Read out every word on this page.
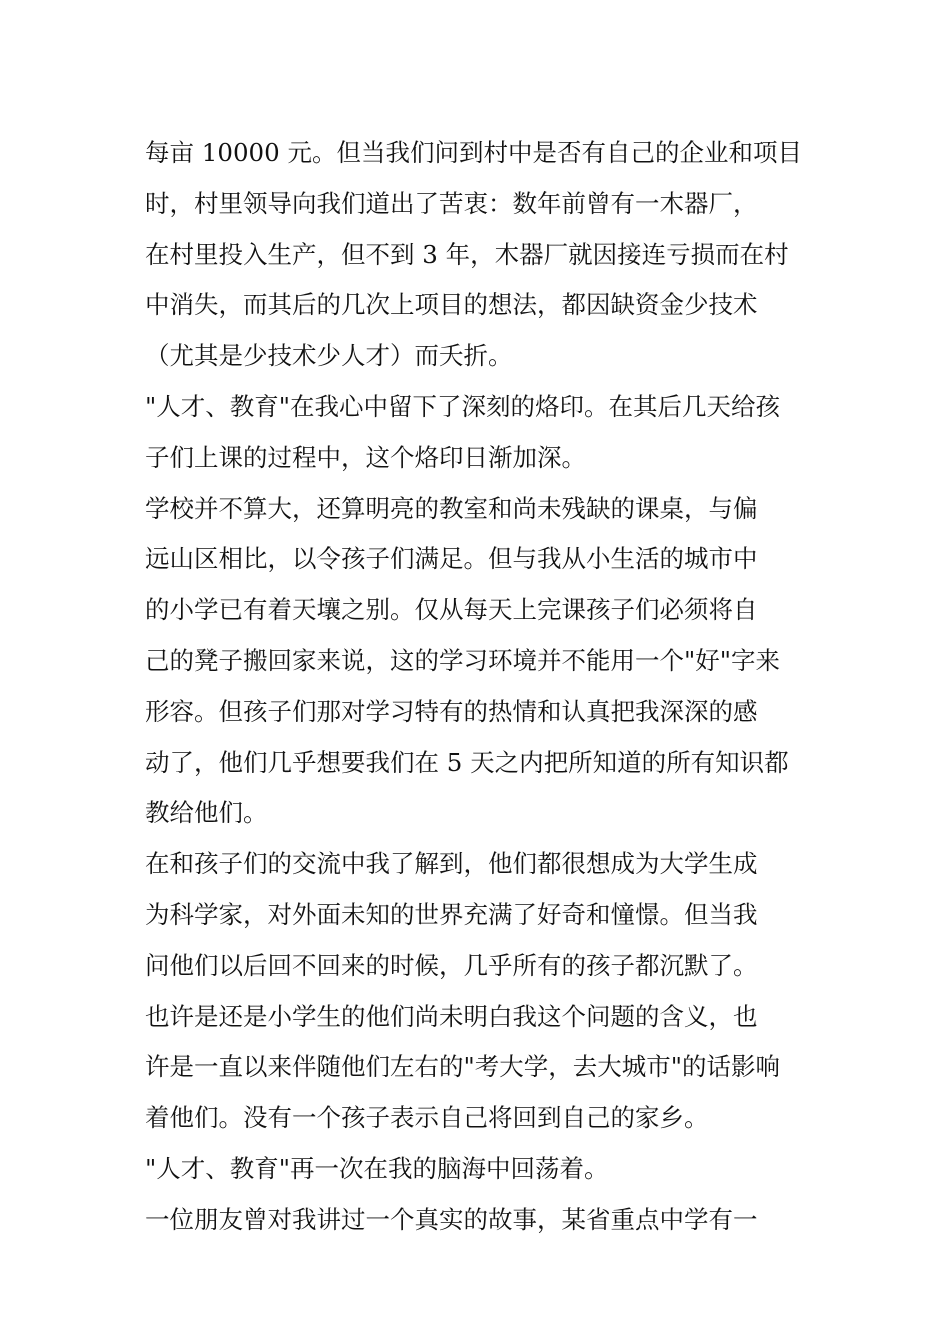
每亩 10000 元。但当我们问到村中是否有自己的企业和项目
时，村里领导向我们道出了苦衷：数年前曾有一木器厂，
在村里投入生产，但不到 3 年，木器厂就因接连亏损而在村
中消失，而其后的几次上项目的想法，都因缺资金少技术
（尤其是少技术少人才）而夭折。
"人才、教育"在我心中留下了深刻的烙印。在其后几天给孩
子们上课的过程中，这个烙印日渐加深。
学校并不算大，还算明亮的教室和尚未残缺的课桌，与偏
远山区相比，以令孩子们满足。但与我从小生活的城市中
的小学已有着天壤之别。仅从每天上完课孩子们必须将自
己的凳子搬回家来说，这的学习环境并不能用一个"好"字来
形容。但孩子们那对学习特有的热情和认真把我深深的感
动了，他们几乎想要我们在 5 天之内把所知道的所有知识都
教给他们。
在和孩子们的交流中我了解到，他们都很想成为大学生成
为科学家，对外面未知的世界充满了好奇和憧憬。但当我
问他们以后回不回来的时候，几乎所有的孩子都沉默了。
也许是还是小学生的他们尚未明白我这个问题的含义，也
许是一直以来伴随他们左右的"考大学，去大城市"的话影响
着他们。没有一个孩子表示自己将回到自己的家乡。
"人才、教育"再一次在我的脑海中回荡着。
一位朋友曾对我讲过一个真实的故事，某省重点中学有一
